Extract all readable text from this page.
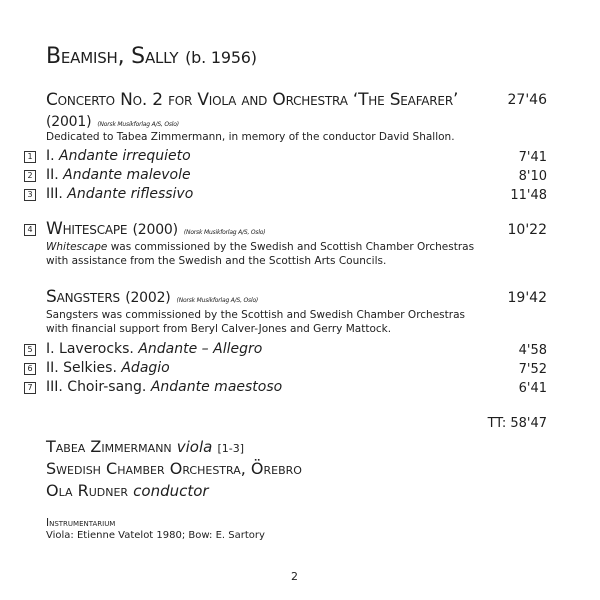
Beamish, Sally (b. 1956)
Concerto No. 2 for Viola and Orchestra ‘The Seafarer’	27'46
(2001) (Norsk Musikforlag A/S, Oslo)
Dedicated to Tabea Zimmermann, in memory of the conductor David Shallon.
1 I. Andante irrequieto	7'41
2 II. Andante malevole	8'10
3 III. Andante riflessivo	11'48
4 Whitescape (2000) (Norsk Musikforlag A/S, Oslo)	10'22
Whitescape was commissioned by the Swedish and Scottish Chamber Orchestras
with assistance from the Swedish and the Scottish Arts Councils.
Sangsters (2002) (Norsk Musikforlag A/S, Oslo)	19'42
Sangsters was commissioned by the Scottish and Swedish Chamber Orchestras
with financial support from Beryl Calver-Jones and Gerry Mattock.
5 I. Laverocks. Andante – Allegro	4'58
6 II. Selkies. Adagio	7'52
7 III. Choir-sang. Andante maestoso	6'41
TT: 58'47
Tabea Zimmermann viola [1-3]
Swedish Chamber Orchestra, Örebro
Ola Rudner conductor
Instrumentarium
Viola: Etienne Vatelot 1980; Bow: E. Sartory
2
